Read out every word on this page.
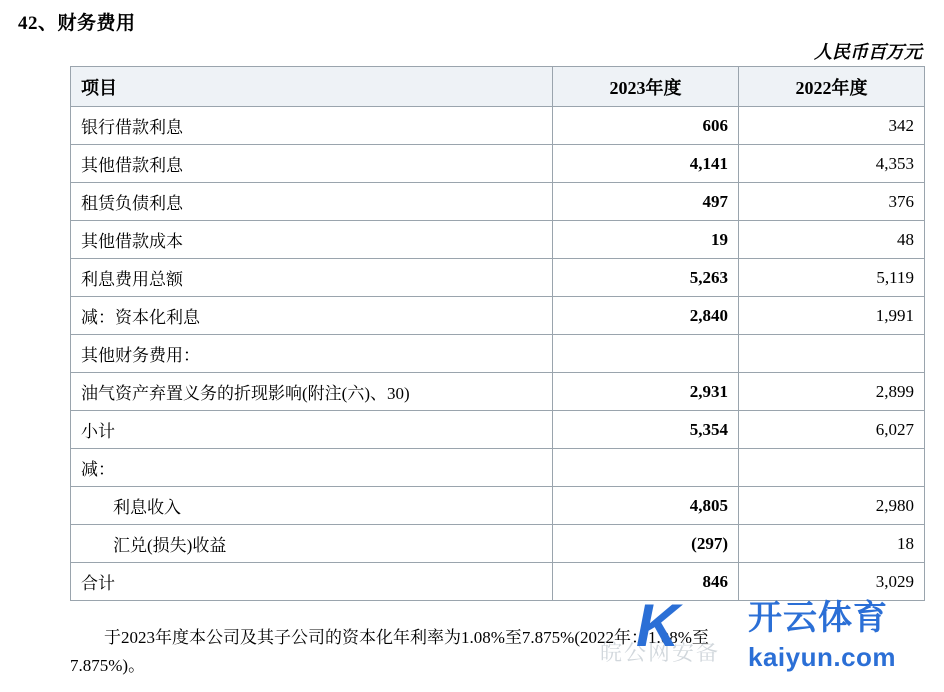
42、财务费用
人民币百万元
项目	2023年度	2022年度
银行借款利息	606	342
其他借款利息	4,141	4,353
租赁负债利息	497	376
其他借款成本	19	48
利息费用总额	5,263	5,119
减：资本化利息	2,840	1,991
其他财务费用：		
油气资产弃置义务的折现影响(附注(六)、30)	2,931	2,899
小计	5,354	6,027
减：		
利息收入	4,805	2,980
汇兑(损失)收益	(297)	18
合计	846	3,029
于2023年度本公司及其子公司的资本化年利率为1.08%至7.875%(2022年：1.08%至
7.875%)。
皖公网安备
K 开云体育
kaiyun.com
